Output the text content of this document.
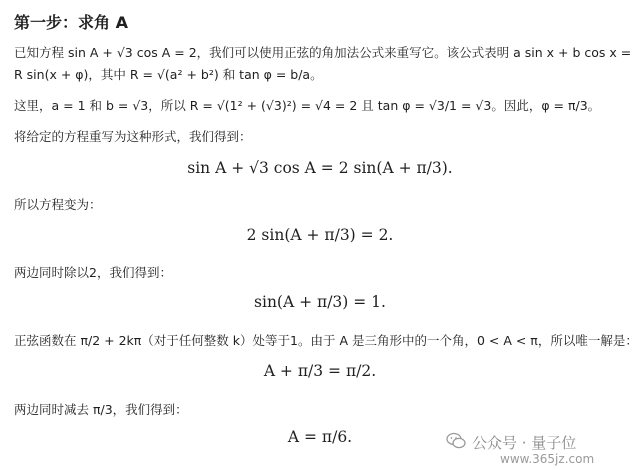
第一步：求角 A
已知方程 sin A + √3 cos A = 2，我们可以使用正弦的角加法公式来重写它。该公式表明 a sin x + b cos x =
R sin(x + φ)，其中 R = √(a² + b²) 和 tan φ = b/a。
这里，a = 1 和 b = √3，所以 R = √(1² + (√3)²) = √4 = 2 且 tan φ = √3/1 = √3。因此，φ = π/3。
将给定的方程重写为这种形式，我们得到：
sin A + √3 cos A = 2 sin(A + π/3).
所以方程变为：
2 sin(A + π/3) = 2.
两边同时除以2，我们得到：
sin(A + π/3) = 1.
正弦函数在 π/2 + 2kπ（对于任何整数 k）处等于1。由于 A 是三角形中的一个角，0 < A < π，所以唯一解是：
A + π/3 = π/2.
两边同时减去 π/3，我们得到：
A = π/6.	公众号 · 量子位
www.365jz.com
